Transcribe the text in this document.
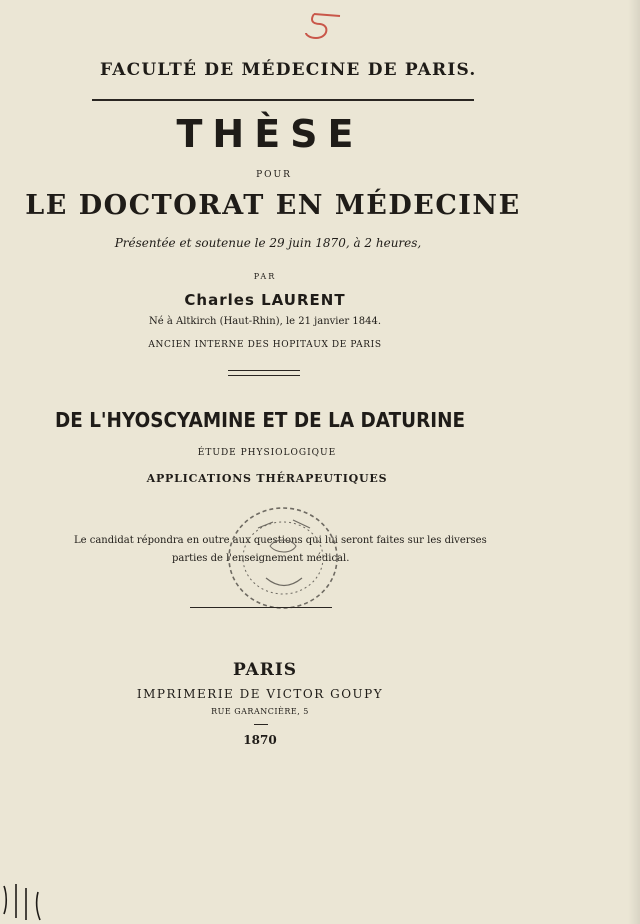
FACULTÉ DE MÉDECINE DE PARIS.
THÈSE
POUR
LE DOCTORAT EN MÉDECINE
Présentée et soutenue le 29 juin 1870, à 2 heures,
PAR
Charles LAURENT
Né à Altkirch (Haut-Rhin), le 21 janvier 1844.
ANCIEN INTERNE DES HOPITAUX DE PARIS
DE L'HYOSCYAMINE ET DE LA DATURINE
ÉTUDE PHYSIOLOGIQUE
APPLICATIONS THÉRAPEUTIQUES
Le candidat répondra en outre aux questions qui lui seront faites sur les diverses
parties de l'enseignement médical.
PARIS
IMPRIMERIE DE VICTOR GOUPY
RUE GARANCIÈRE, 5
1870
